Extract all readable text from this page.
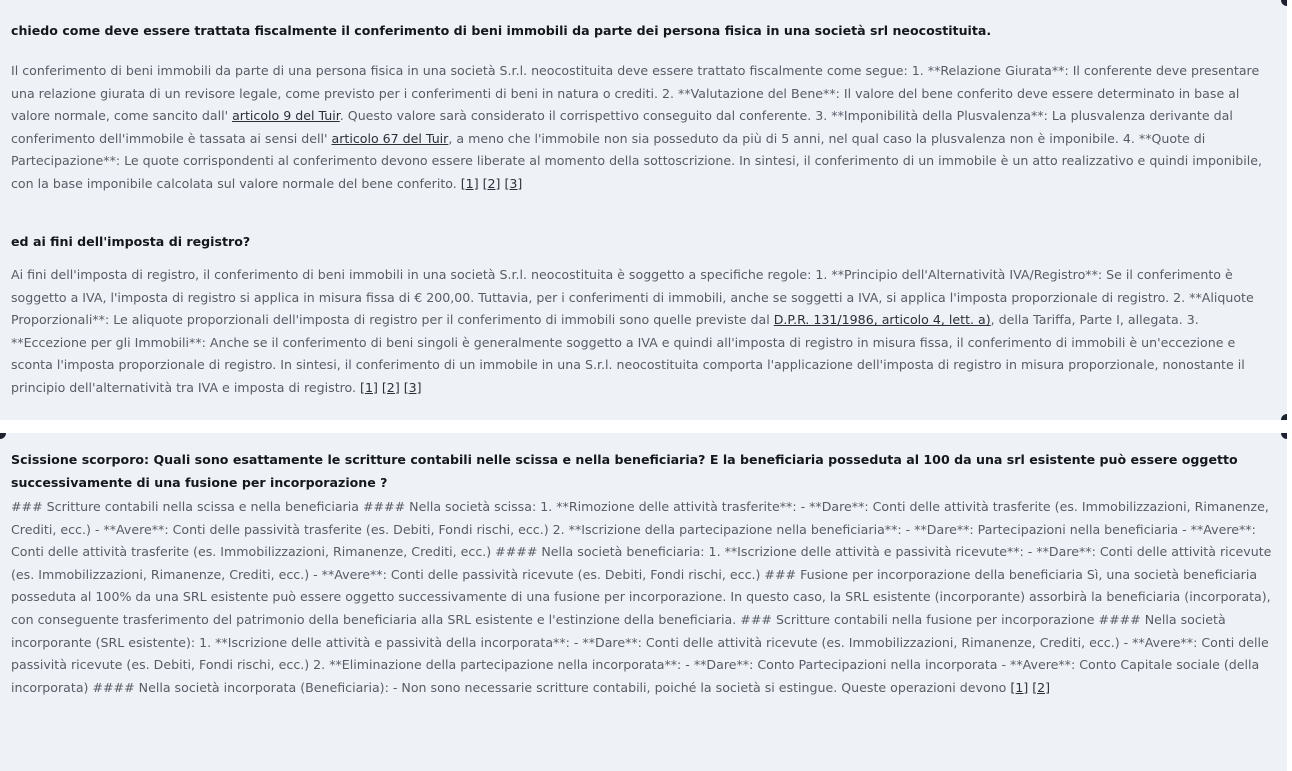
chiedo come deve essere trattata fiscalmente il conferimento di beni immobili da parte dei persona fisica in una società srl neocostituita.

Il conferimento di beni immobili da parte di una persona fisica in una società S.r.l. neocostituita deve essere trattato fiscalmente come segue: 1. **Relazione Giurata**: Il conferente deve presentare una relazione giurata di un revisore legale, come previsto per i conferimenti di beni in natura o crediti. 2. **Valutazione del Bene**: Il valore del bene conferito deve essere determinato in base al valore normale, come sancito dall' articolo 9 del Tuir. Questo valore sarà considerato il corrispettivo conseguito dal conferente. 3. **Imponibilità della Plusvalenza**: La plusvalenza derivante dal conferimento dell'immobile è tassata ai sensi dell' articolo 67 del Tuir, a meno che l'immobile non sia posseduto da più di 5 anni, nel qual caso la plusvalenza non è imponibile. 4. **Quote di Partecipazione**: Le quote corrispondenti al conferimento devono essere liberate al momento della sottoscrizione. In sintesi, il conferimento di un immobile è un atto realizzativo e quindi imponibile, con la base imponibile calcolata sul valore normale del bene conferito. [1] [2] [3]

ed ai fini dell'imposta di registro?

Ai fini dell'imposta di registro, il conferimento di beni immobili in una società S.r.l. neocostituita è soggetto a specifiche regole: 1. **Principio dell'Alternatività IVA/Registro**: Se il conferimento è soggetto a IVA, l'imposta di registro si applica in misura fissa di € 200,00. Tuttavia, per i conferimenti di immobili, anche se soggetti a IVA, si applica l'imposta proporzionale di registro. 2. **Aliquote Proporzionali**: Le aliquote proporzionali dell'imposta di registro per il conferimento di immobili sono quelle previste dal D.P.R. 131/1986, articolo 4, lett. a), della Tariffa, Parte I, allegata. 3. **Eccezione per gli Immobili**: Anche se il conferimento di beni singoli è generalmente soggetto a IVA e quindi all'imposta di registro in misura fissa, il conferimento di immobili è un'eccezione e sconta l'imposta proporzionale di registro. In sintesi, il conferimento di un immobile in una S.r.l. neocostituita comporta l'applicazione dell'imposta di registro in misura proporzionale, nonostante il principio dell'alternatività tra IVA e imposta di registro. [1] [2] [3]

Scissione scorporo: Quali sono esattamente le scritture contabili nelle scissa e nella beneficiaria? E la beneficiaria posseduta al 100 da una srl esistente può essere oggetto successivamente di una fusione per incorporazione ?

### Scritture contabili nella scissa e nella beneficiaria #### Nella società scissa: 1. **Rimozione delle attività trasferite**: - **Dare**: Conti delle attività trasferite (es. Immobilizzazioni, Rimanenze, Crediti, ecc.) - **Avere**: Conti delle passività trasferite (es. Debiti, Fondi rischi, ecc.) 2. **Iscrizione della partecipazione nella beneficiaria**: - **Dare**: Partecipazioni nella beneficiaria - **Avere**: Conti delle attività trasferite (es. Immobilizzazioni, Rimanenze, Crediti, ecc.) #### Nella società beneficiaria: 1. **Iscrizione delle attività e passività ricevute**: - **Dare**: Conti delle attività ricevute (es. Immobilizzazioni, Rimanenze, Crediti, ecc.) - **Avere**: Conti delle passività ricevute (es. Debiti, Fondi rischi, ecc.) ### Fusione per incorporazione della beneficiaria Sì, una società beneficiaria posseduta al 100% da una SRL esistente può essere oggetto successivamente di una fusione per incorporazione. In questo caso, la SRL esistente (incorporante) assorbirà la beneficiaria (incorporata), con conseguente trasferimento del patrimonio della beneficiaria alla SRL esistente e l'estinzione della beneficiaria. ### Scritture contabili nella fusione per incorporazione #### Nella società incorporante (SRL esistente): 1. **Iscrizione delle attività e passività della incorporata**: - **Dare**: Conti delle attività ricevute (es. Immobilizzazioni, Rimanenze, Crediti, ecc.) - **Avere**: Conti delle passività ricevute (es. Debiti, Fondi rischi, ecc.) 2. **Eliminazione della partecipazione nella incorporata**: - **Dare**: Conto Partecipazioni nella incorporata - **Avere**: Conto Capitale sociale (della incorporata) #### Nella società incorporata (Beneficiaria): - Non sono necessarie scritture contabili, poiché la società si estingue. Queste operazioni devono [1] [2]
